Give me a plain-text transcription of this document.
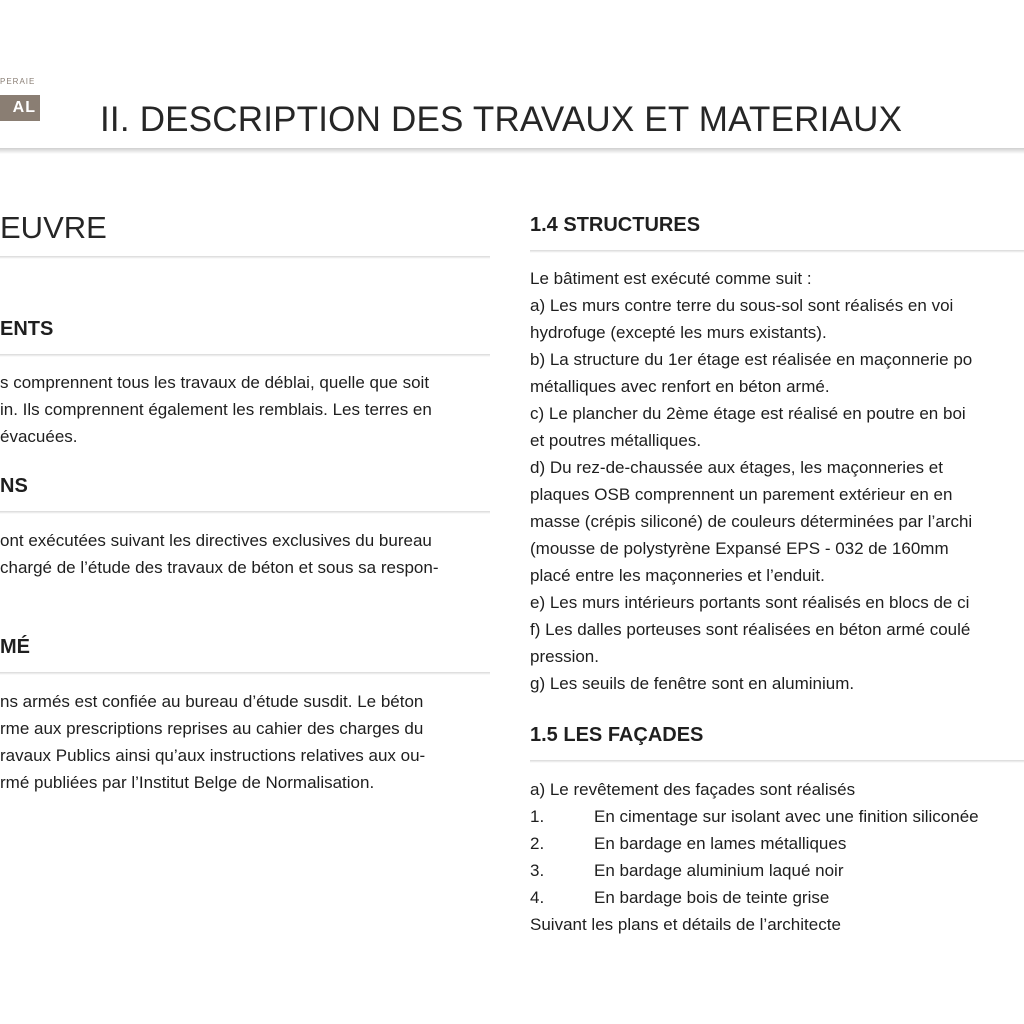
PERAIE
AL II. DESCRIPTION DES TRAVAUX ET MATERIAUX
EUVRE
ENTS
s comprennent tous les travaux de déblai, quelle que soit
in. Ils comprennent également les remblais. Les terres en
évacuées.
NS
ont exécutées suivant les directives exclusives du bureau
chargé de l’étude des travaux de béton et sous sa respon-
MÉ
ns armés est confiée au bureau d’étude susdit. Le béton
rme aux prescriptions reprises au cahier des charges du
ravaux Publics ainsi qu’aux instructions relatives aux ou-
rmé publiées par l’Institut Belge de Normalisation.
1.4 STRUCTURES
Le bâtiment est exécuté comme suit :
a) Les murs contre terre du sous-sol sont réalisés en voi
hydrofuge (excepté les murs existants).
b) La structure du 1er étage est réalisée en maçonnerie po
métalliques avec renfort en béton armé.
c) Le plancher du 2ème étage est réalisé en poutre en boi
et poutres métalliques.
d) Du rez-de-chaussée aux étages, les maçonneries et
plaques OSB comprennent un parement extérieur en en
masse (crépis siliconé) de couleurs déterminées par l’archi
(mousse de polystyrène Expansé EPS - 032 de 160mm
placé entre les maçonneries et l’enduit.
e) Les murs intérieurs portants sont réalisés en blocs de ci
f) Les dalles porteuses sont réalisées en béton armé coulé
pression.
g) Les seuils de fenêtre sont en aluminium.
1.5 LES FAÇADES
a) Le revêtement des façades sont réalisés
1.	En cimentage sur isolant avec une finition siliconée
2.	En bardage en lames métalliques
3.	En bardage aluminium laqué noir
4.	En bardage bois de teinte grise
Suivant les plans et détails de l’architecte
